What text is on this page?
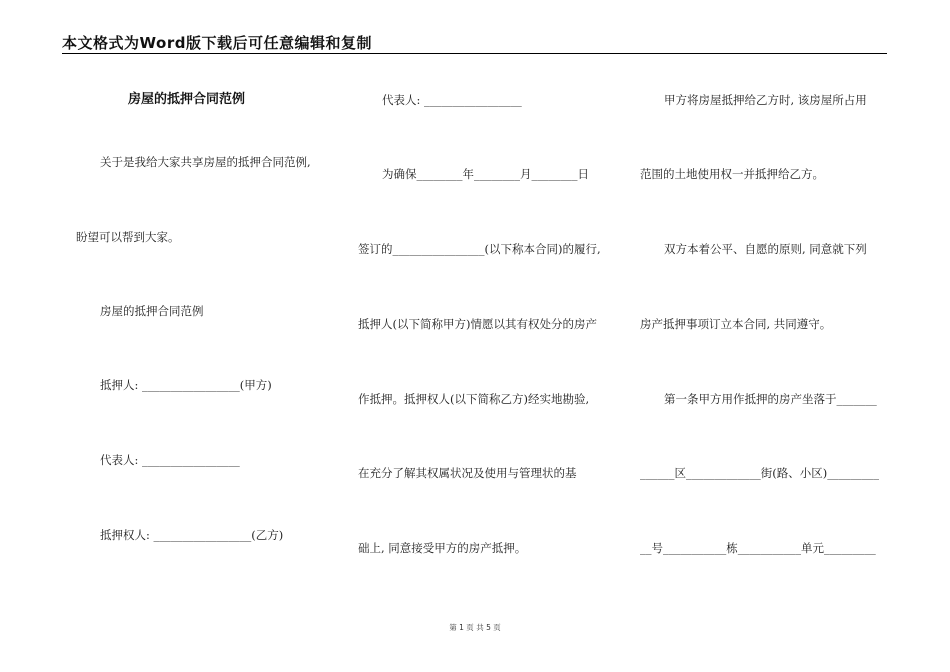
本文格式为Word版下载后可任意编辑和复制
房屋的抵押合同范例
关于是我给大家共享房屋的抵押合同范例,
盼望可以帮到大家。
房屋的抵押合同范例
抵押人: _________________(甲方)
代表人: _________________
抵押权人: _________________(乙方)
代表人: _________________
为确保________年________月________日
签订的________________(以下称本合同)的履行,
抵押人(以下简称甲方)情愿以其有权处分的房产
作抵押。抵押权人(以下简称乙方)经实地勘验,
在充分了解其权属状况及使用与管理状的基
础上, 同意接受甲方的房产抵押。
甲方将房屋抵押给乙方时, 该房屋所占用
范围的土地使用权一并抵押给乙方。
双方本着公平、自愿的原则, 同意就下列
房产抵押事项订立本合同, 共同遵守。
第一条甲方用作抵押的房产坐落于_______
______区_____________街(路、小区)_________
__号___________栋___________单元_________
第 1 页 共 5 页
